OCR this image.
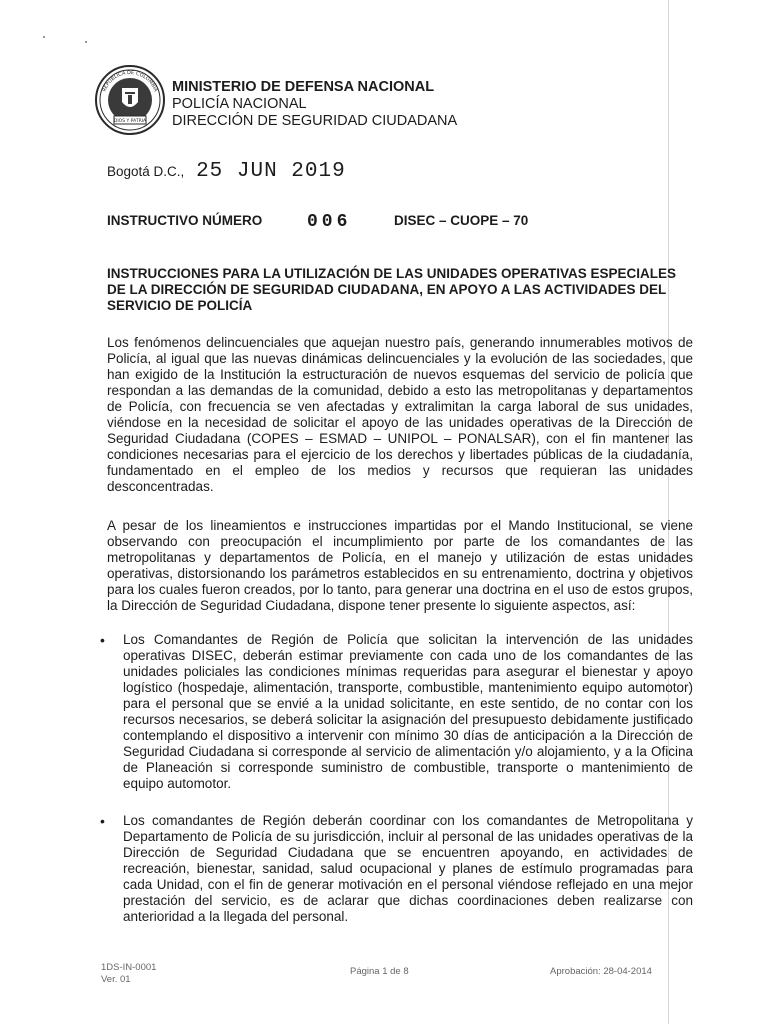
REPUBLICA DE COLOMBIA
DIOS Y PATRIA
MINISTERIO DE DEFENSA NACIONAL
POLICÍA NACIONAL
DIRECCIÓN DE SEGURIDAD CIUDADANA
Bogotá D.C., 25 JUN 2019
INSTRUCTIVO NÚMERO 006	DISEC – CUOPE – 70
INSTRUCCIONES PARA LA UTILIZACIÓN DE LAS UNIDADES OPERATIVAS ESPECIALES DE LA DIRECCIÓN DE SEGURIDAD CIUDADANA, EN APOYO A LAS ACTIVIDADES DEL SERVICIO DE POLICÍA
Los fenómenos delincuenciales que aquejan nuestro país, generando innumerables motivos de Policía, al igual que las nuevas dinámicas delincuenciales y la evolución de las sociedades, que han exigido de la Institución la estructuración de nuevos esquemas del servicio de policía que respondan a las demandas de la comunidad, debido a esto las metropolitanas y departamentos de Policía, con frecuencia se ven afectadas y extralimitan la carga laboral de sus unidades, viéndose en la necesidad de solicitar el apoyo de las unidades operativas de la Dirección de Seguridad Ciudadana (COPES – ESMAD – UNIPOL – PONALSAR), con el fin mantener las condiciones necesarias para el ejercicio de los derechos y libertades públicas de la ciudadanía, fundamentado en el empleo de los medios y recursos que requieran las unidades desconcentradas.
A pesar de los lineamientos e instrucciones impartidas por el Mando Institucional, se viene observando con preocupación el incumplimiento por parte de los comandantes de las metropolitanas y departamentos de Policía, en el manejo y utilización de estas unidades operativas, distorsionando los parámetros establecidos en su entrenamiento, doctrina y objetivos para los cuales fueron creados, por lo tanto, para generar una doctrina en el uso de estos grupos, la Dirección de Seguridad Ciudadana, dispone tener presente lo siguiente aspectos, así:
• Los Comandantes de Región de Policía que solicitan la intervención de las unidades operativas DISEC, deberán estimar previamente con cada uno de los comandantes de las unidades policiales las condiciones mínimas requeridas para asegurar el bienestar y apoyo logístico (hospedaje, alimentación, transporte, combustible, mantenimiento equipo automotor) para el personal que se envié a la unidad solicitante, en este sentido, de no contar con los recursos necesarios, se deberá solicitar la asignación del presupuesto debidamente justificado contemplando el dispositivo a intervenir con mínimo 30 días de anticipación a la Dirección de Seguridad Ciudadana si corresponde al servicio de alimentación y/o alojamiento, y a la Oficina de Planeación si corresponde suministro de combustible, transporte o mantenimiento de equipo automotor.
• Los comandantes de Región deberán coordinar con los comandantes de Metropolitana y Departamento de Policía de su jurisdicción, incluir al personal de las unidades operativas de la Dirección de Seguridad Ciudadana que se encuentren apoyando, en actividades de recreación, bienestar, sanidad, salud ocupacional y planes de estímulo programadas para cada Unidad, con el fin de generar motivación en el personal viéndose reflejado en una mejor prestación del servicio, es de aclarar que dichas coordinaciones deben realizarse con anterioridad a la llegada del personal.
1DS-IN-0001
Ver. 01
Página 1 de 8	Aprobación: 28-04-2014
